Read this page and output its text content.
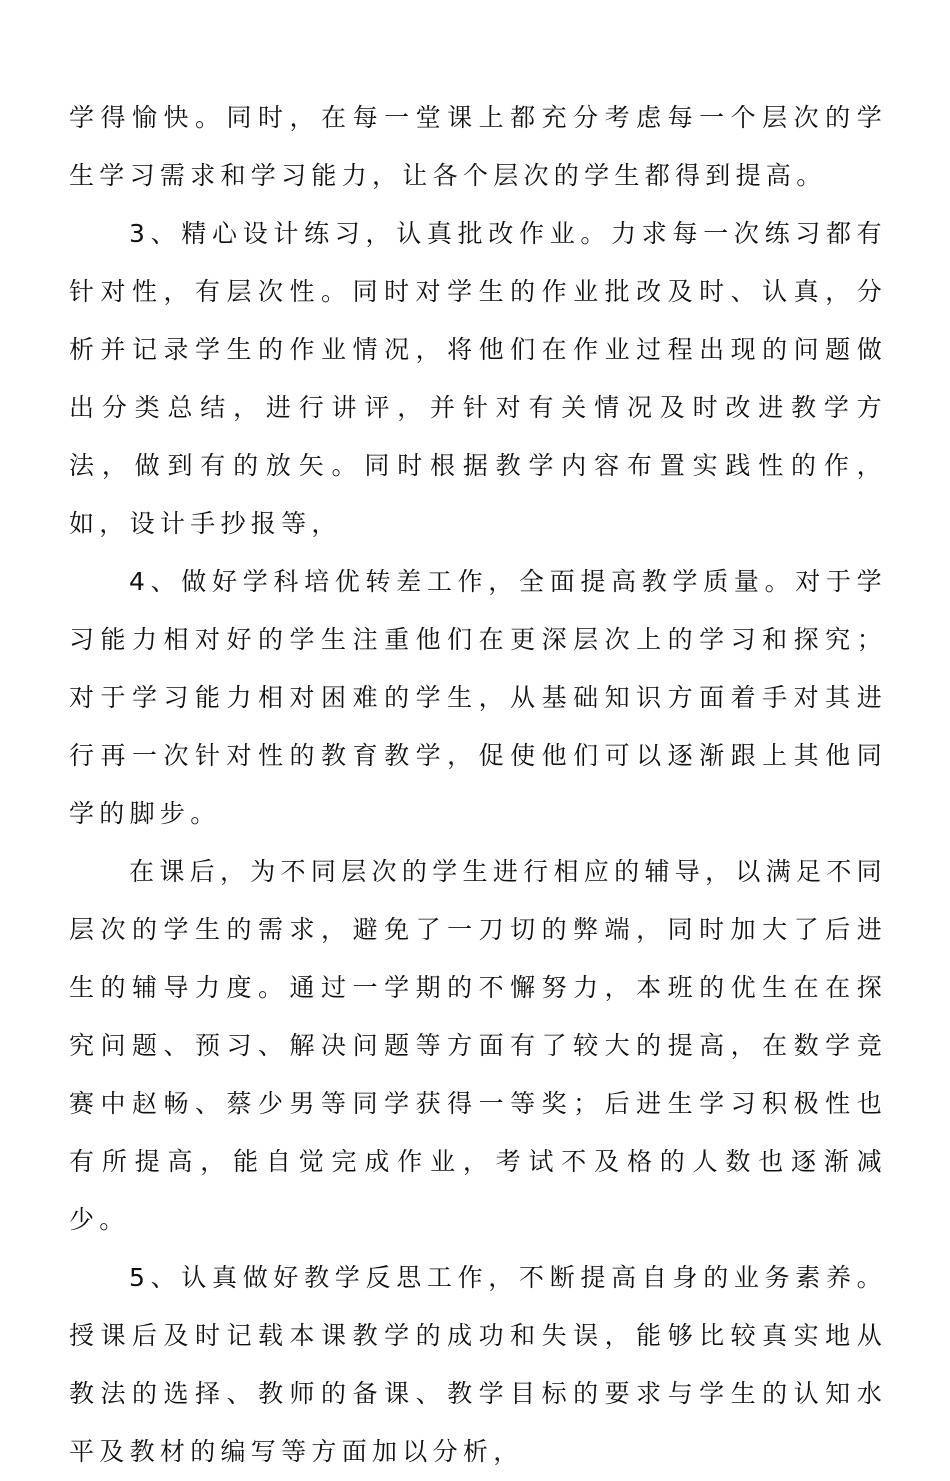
学得愉快。同时，在每一堂课上都充分考虑每一个层次的学生学习需求和学习能力，让各个层次的学生都得到提高。

3、精心设计练习，认真批改作业。力求每一次练习都有针对性，有层次性。同时对学生的作业批改及时、认真，分析并记录学生的作业情况，将他们在作业过程出现的问题做出分类总结，进行讲评，并针对有关情况及时改进教学方法，做到有的放矢。同时根据教学内容布置实践性的作，如，设计手抄报等，

4、做好学科培优转差工作，全面提高教学质量。对于学习能力相对好的学生注重他们在更深层次上的学习和探究；对于学习能力相对困难的学生，从基础知识方面着手对其进行再一次针对性的教育教学，促使他们可以逐渐跟上其他同学的脚步。

在课后，为不同层次的学生进行相应的辅导，以满足不同层次的学生的需求，避免了一刀切的弊端，同时加大了后进生的辅导力度。通过一学期的不懈努力，本班的优生在在探究问题、预习、解决问题等方面有了较大的提高，在数学竞赛中赵畅、蔡少男等同学获得一等奖；后进生学习积极性也有所提高，能自觉完成作业，考试不及格的人数也逐渐减少。

5、认真做好教学反思工作，不断提高自身的业务素养。授课后及时记载本课教学的成功和失误，能够比较真实地从教法的选择、教师的备课、教学目标的要求与学生的认知水平及教材的编写等方面加以分析，
